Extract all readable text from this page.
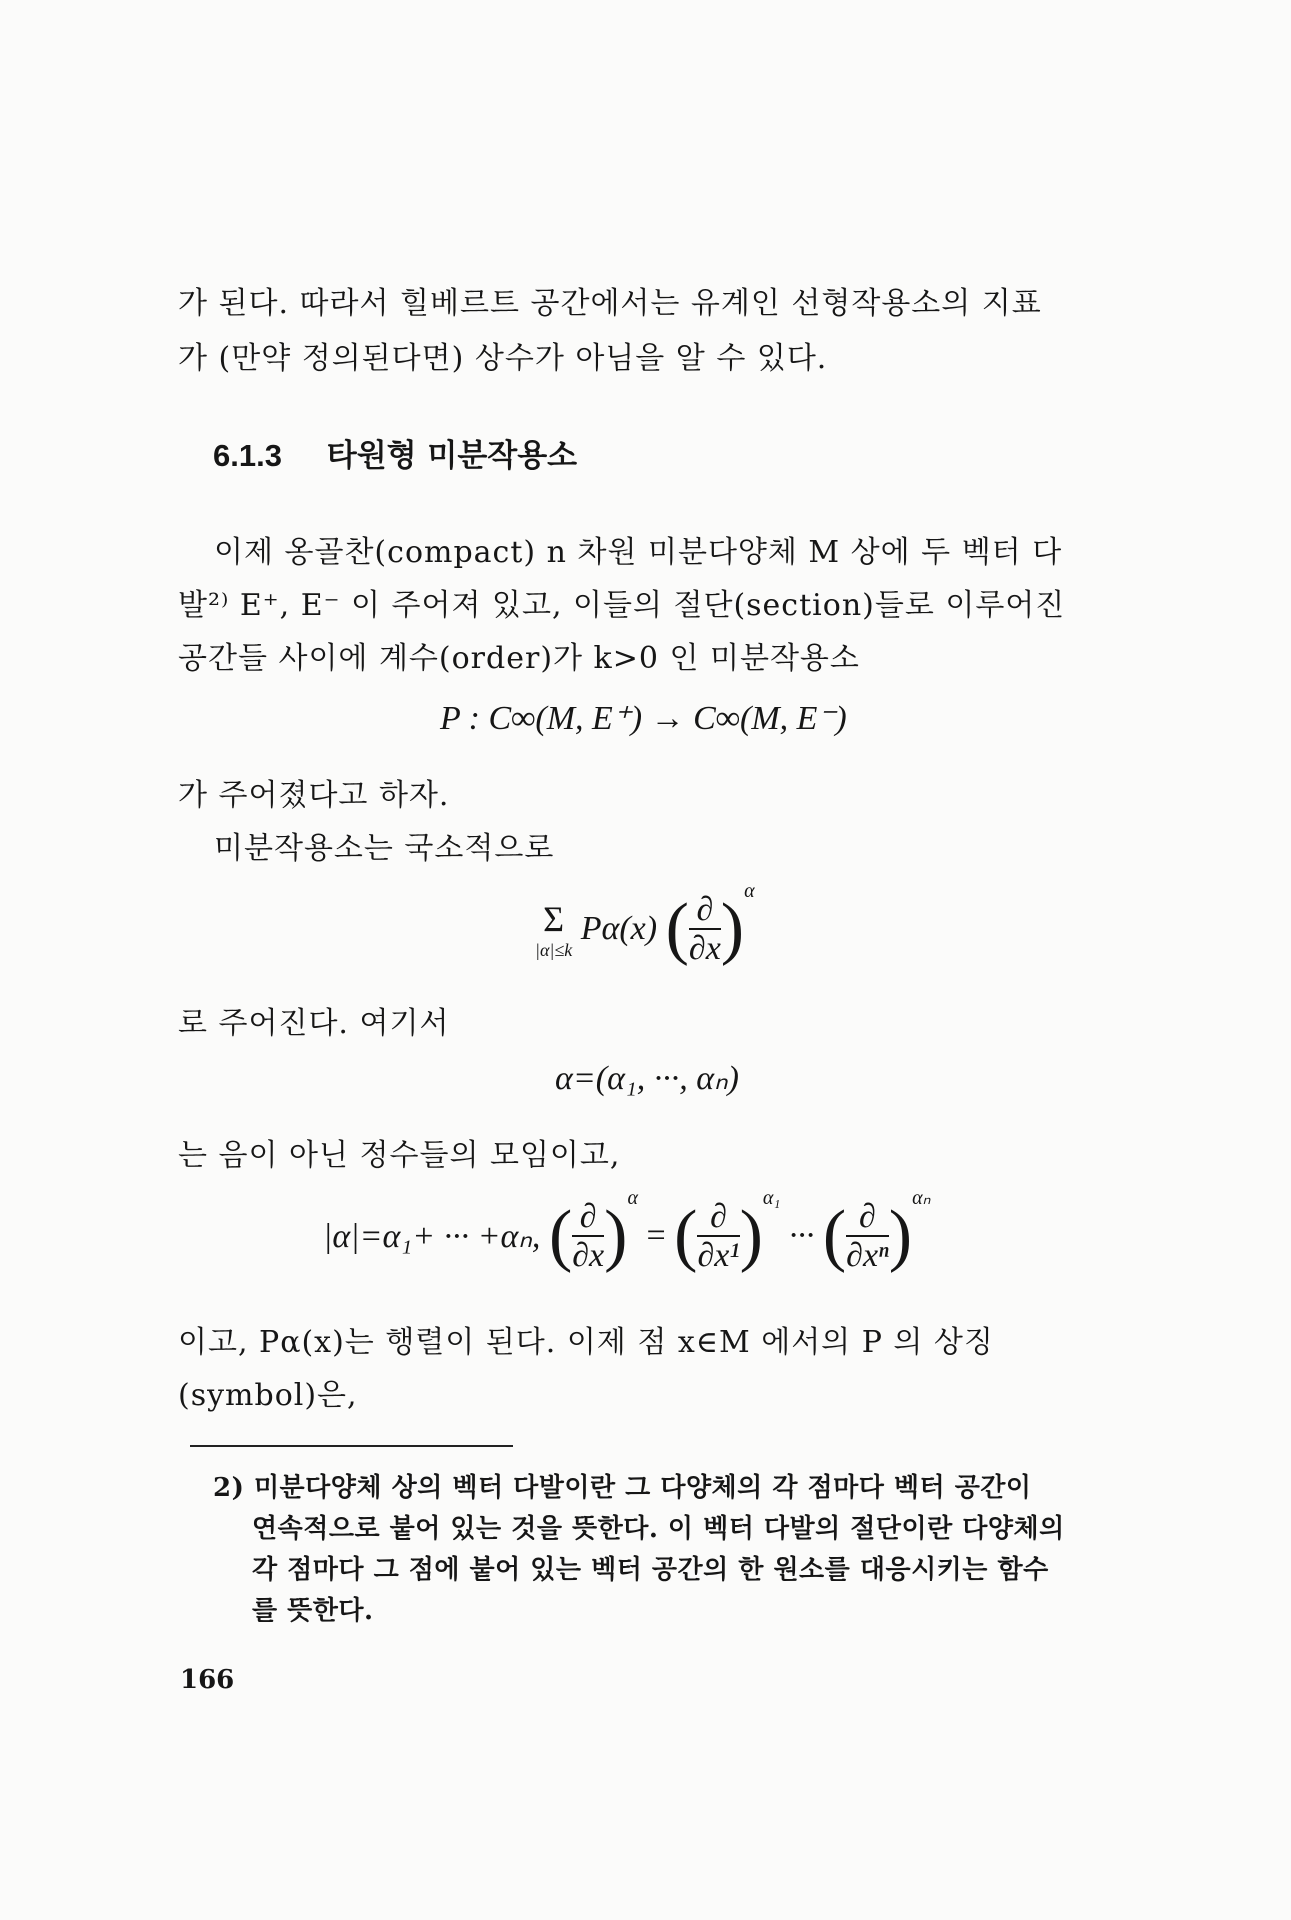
가 된다. 따라서 힐베르트 공간에서는 유계인 선형작용소의 지표
가 (만약 정의된다면) 상수가 아님을 알 수 있다.
6.1.3 타원형 미분작용소
이제 옹골찬(compact) n 차원 미분다양체 M 상에 두 벡터 다
발²⁾ E⁺, E⁻ 이 주어져 있고, 이들의 절단(section)들로 이루어진
공간들 사이에 계수(order)가 k>0 인 미분작용소
P : C∞(M, E⁺) → C∞(M, E⁻)
가 주어졌다고 하자.
미분작용소는 국소적으로
Σ
|α|≤k
Pα(x) ( $\frac{\partial}{\partial x} )^\alpha$
로 주어진다. 여기서
α=(α₁, ···, αₙ)
는 음이 아닌 정수들의 모임이고,
|α|=α₁+ ··· +αₙ, ( $\frac{\partial}{\partial x} )^\alpha$ = ( $\frac{\partial}{\text{∂x¹}} )^{\alpha_1}$ ··· ( $\frac{\partial}{\text{∂xⁿ}} )^{\alpha_n}$
이고, Pα(x)는 행렬이 된다. 이제 점 x∈M 에서의 P 의 상징
(symbol)은,
2) 미분다양체 상의 벡터 다발이란 그 다양체의 각 점마다 벡터 공간이
연속적으로 붙어 있는 것을 뜻한다. 이 벡터 다발의 절단이란 다양체의
각 점마다 그 점에 붙어 있는 벡터 공간의 한 원소를 대응시키는 함수
를 뜻한다.
166
